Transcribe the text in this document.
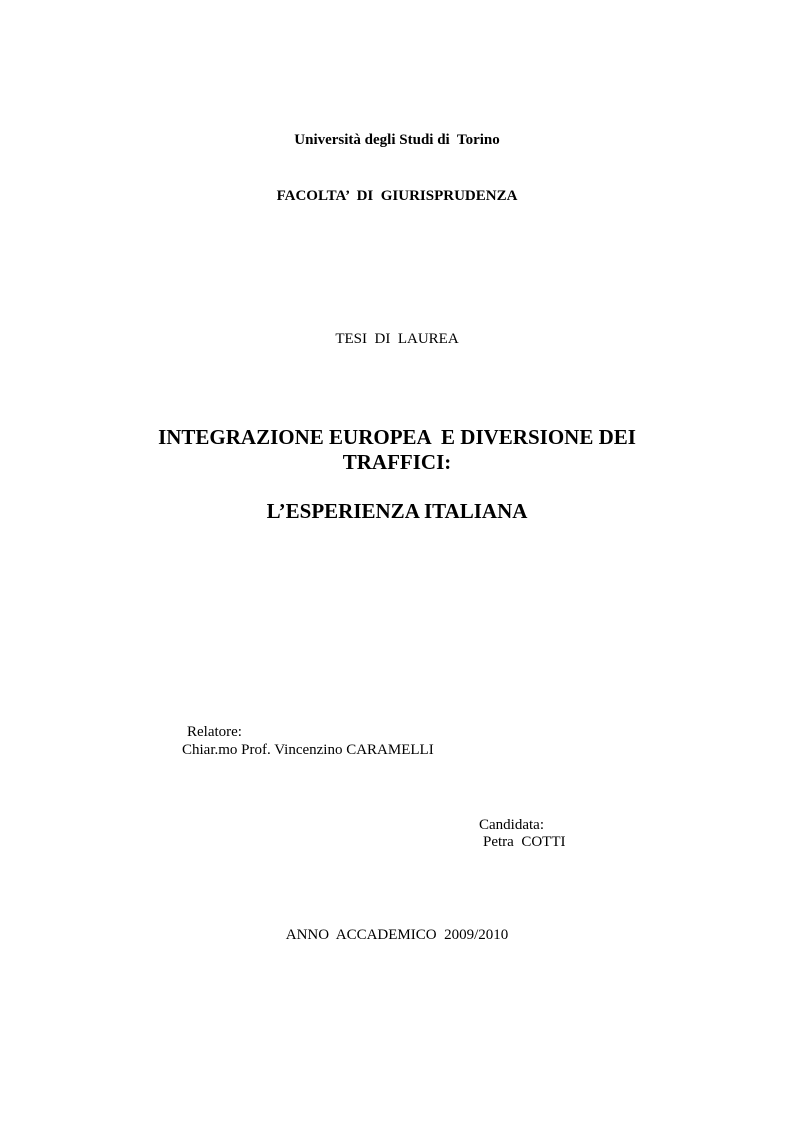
Università degli Studi di  Torino

FACOLTA’  DI  GIURISPRUDENZA

TESI  DI  LAUREA

INTEGRAZIONE EUROPEA  E DIVERSIONE DEI

TRAFFICI:

L’ESPERIENZA ITALIANA

Relatore:

Chiar.mo Prof. Vincenzino CARAMELLI

Candidata:

Petra  COTTI

ANNO  ACCADEMICO  2009/2010
